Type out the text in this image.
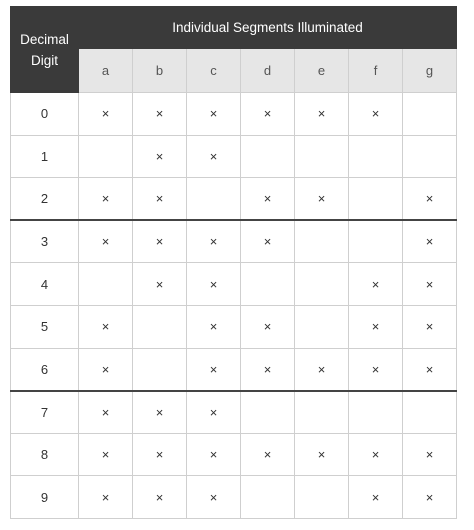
Decimal
Digit	Individual Segments Illuminated						
	a	b	c	d	e	f	g
0	×	×	×	×	×	×	
1		×	×				
2	×	×		×	×		×
3	×	×	×	×			×
4		×	×			×	×
5	×		×	×		×	×
6	×		×	×	×	×	×
7	×	×	×				
8	×	×	×	×	×	×	×
9	×	×	×			×	×
